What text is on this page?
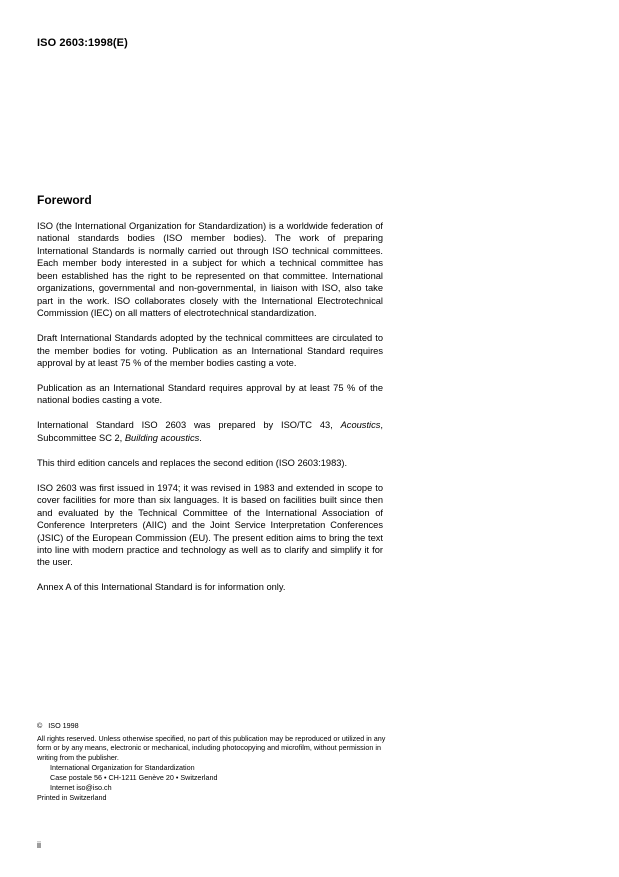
ISO 2603:1998(E)
Foreword

ISO (the International Organization for Standardization) is a worldwide federation of national standards bodies (ISO member bodies). The work of preparing International Standards is normally carried out through ISO technical committees. Each member body interested in a subject for which a technical committee has been established has the right to be represented on that committee. International organizations, governmental and non-governmental, in liaison with ISO, also take part in the work. ISO collaborates closely with the International Electrotechnical Commission (IEC) on all matters of electrotechnical standardization.

Draft International Standards adopted by the technical committees are circulated to the member bodies for voting. Publication as an International Standard requires approval by at least 75 % of the member bodies casting a vote.

Publication as an International Standard requires approval by at least 75 % of the national bodies casting a vote.

International Standard ISO 2603 was prepared by ISO/TC 43, Acoustics, Subcommittee SC 2, Building acoustics.

This third edition cancels and replaces the second edition (ISO 2603:1983).

ISO 2603 was first issued in 1974; it was revised in 1983 and extended in scope to cover facilities for more than six languages. It is based on facilities built since then and evaluated by the Technical Committee of the International Association of Conference Interpreters (AIIC) and the Joint Service Interpretation Conferences (JSIC) of the European Commission (EU). The present edition aims to bring the text into line with modern practice and technology as well as to clarify and simplify it for the user.

Annex A of this International Standard is for information only.

© ISO 1998

All rights reserved. Unless otherwise specified, no part of this publication may be reproduced or utilized in any form or by any means, electronic or mechanical, including photocopying and microfilm, without permission in writing from the publisher.

International Organization for Standardization

Case postale 56 • CH-1211 Genève 20 • Switzerland

Internet iso@iso.ch

Printed in Switzerland

ii
